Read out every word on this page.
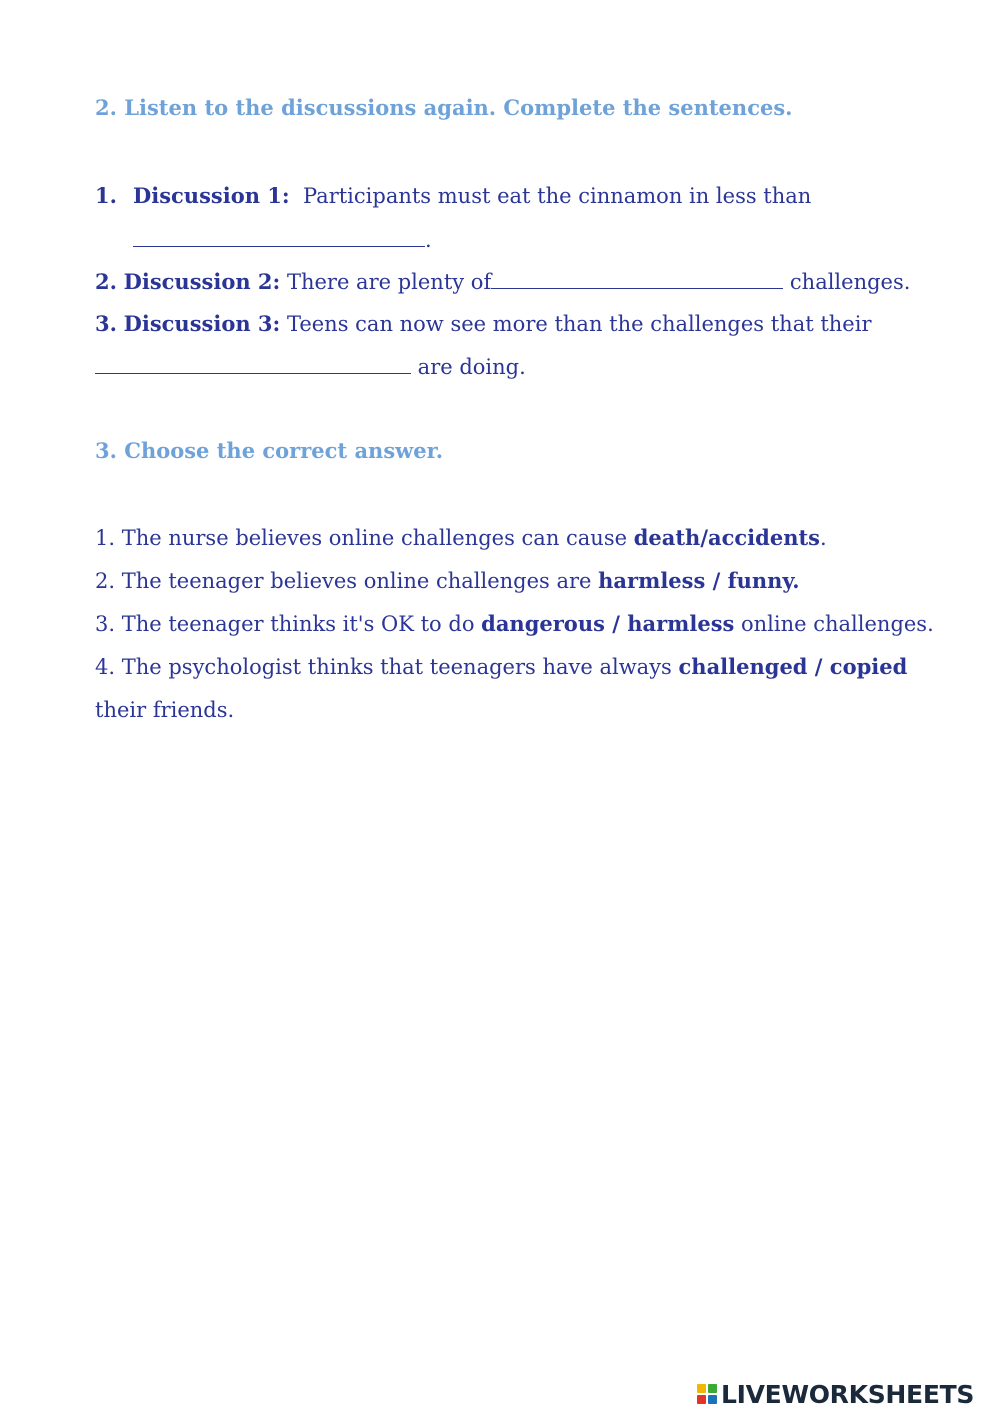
2. Listen to the discussions again. Complete the sentences.
1. Discussion 1: Participants must eat the cinnamon in less than
.
2. Discussion 2: There are plenty of	challenges.
3. Discussion 3: Teens can now see more than the challenges that their
are doing.
3. Choose the correct answer.
1. The nurse believes online challenges can cause death/accidents.
2. The teenager believes online challenges are harmless / funny.
3. The teenager thinks it's OK to do dangerous / harmless online challenges.
4. The psychologist thinks that teenagers have always challenged / copied
their friends.
LIVEWORKSHEETS
